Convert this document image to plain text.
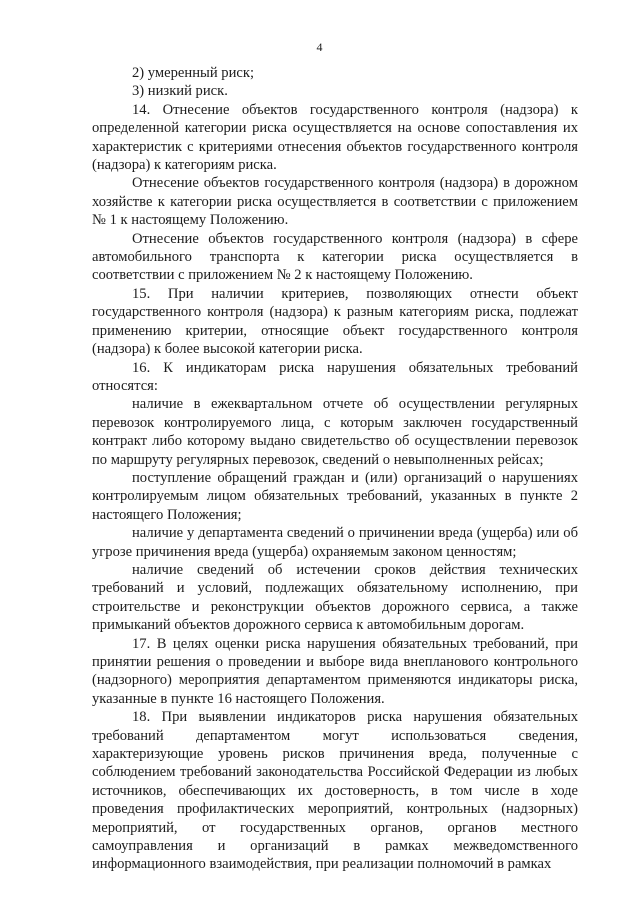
4

2) умеренный риск;

3) низкий риск.

14. Отнесение объектов государственного контроля (надзора) к определенной категории риска осуществляется на основе сопоставления их характеристик с критериями отнесения объектов государственного контроля (надзора) к категориям риска.

Отнесение объектов государственного контроля (надзора) в дорожном хозяйстве к категории риска осуществляется в соответствии с приложением № 1 к настоящему Положению.

Отнесение объектов государственного контроля (надзора) в сфере автомобильного транспорта к категории риска осуществляется в соответствии с приложением № 2 к настоящему Положению.

15. При наличии критериев, позволяющих отнести объект государственного контроля (надзора) к разным категориям риска, подлежат применению критерии, относящие объект государственного контроля (надзора) к более высокой категории риска.

16. К индикаторам риска нарушения обязательных требований относятся:

наличие в ежеквартальном отчете об осуществлении регулярных перевозок контролируемого лица, с которым заключен государственный контракт либо которому выдано свидетельство об осуществлении перевозок по маршруту регулярных перевозок, сведений о невыполненных рейсах;

поступление обращений граждан и (или) организаций о нарушениях контролируемым лицом обязательных требований, указанных в пункте 2 настоящего Положения;

наличие у департамента сведений о причинении вреда (ущерба) или об угрозе причинения вреда (ущерба) охраняемым законом ценностям;

наличие сведений об истечении сроков действия технических требований и условий, подлежащих обязательному исполнению, при строительстве и реконструкции объектов дорожного сервиса, а также примыканий объектов дорожного сервиса к автомобильным дорогам.

17. В целях оценки риска нарушения обязательных требований, при принятии решения о проведении и выборе вида внепланового контрольного (надзорного) мероприятия департаментом применяются индикаторы риска, указанные в пункте 16 настоящего Положения.

18. При выявлении индикаторов риска нарушения обязательных требований департаментом могут использоваться сведения, характеризующие уровень рисков причинения вреда, полученные с соблюдением требований законодательства Российской Федерации из любых источников, обеспечивающих их достоверность, в том числе в ходе проведения профилактических мероприятий, контрольных (надзорных) мероприятий, от государственных органов, органов местного самоуправления и организаций в рамках межведомственного информационного взаимодействия, при реализации полномочий в рамках
